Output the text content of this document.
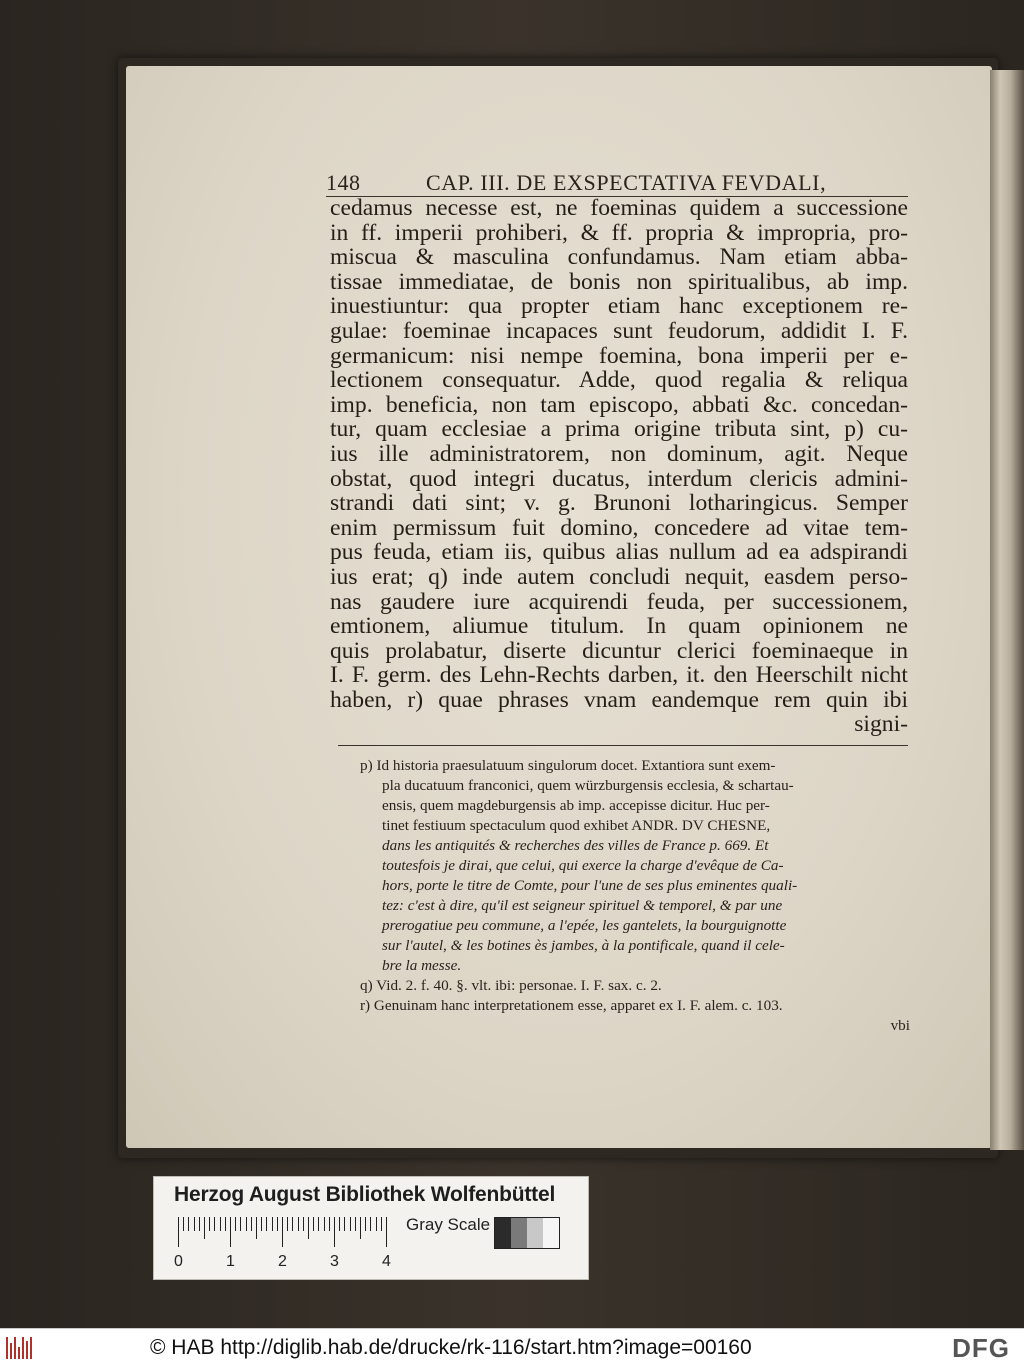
148	CAP. III. DE EXSPECTATIVA FEVDALI,
cedamus necesse est, ne foeminas quidem a successione
in ff. imperii prohiberi, & ff. propria & impropria, pro-
miscua & masculina confundamus. Nam etiam abba-
tissae immediatae, de bonis non spiritualibus, ab imp.
inuestiuntur: qua propter etiam hanc exceptionem re-
gulae: foeminae incapaces sunt feudorum, addidit I. F.
germanicum: nisi nempe foemina, bona imperii per e-
lectionem consequatur. Adde, quod regalia & reliqua
imp. beneficia, non tam episcopo, abbati &c. concedan-
tur, quam ecclesiae a prima origine tributa sint, p) cu-
ius ille administratorem, non dominum, agit. Neque
obstat, quod integri ducatus, interdum clericis admini-
strandi dati sint; v. g. Brunoni lotharingicus. Semper
enim permissum fuit domino, concedere ad vitae tem-
pus feuda, etiam iis, quibus alias nullum ad ea adspirandi
ius erat; q) inde autem concludi nequit, easdem perso-
nas gaudere iure acquirendi feuda, per successionem,
emtionem, aliumue titulum. In quam opinionem ne
quis prolabatur, diserte dicuntur clerici foeminaeque in
I. F. germ. des Lehn-Rechts darben, it. den Heerschilt nicht
haben, r) quae phrases vnam eandemque rem quin ibi
signi-
p) Id historia praesulatuum singulorum docet. Extantiora sunt exem-
pla ducatuum franconici, quem würzburgensis ecclesia, & schartau-
ensis, quem magdeburgensis ab imp. accepisse dicitur. Huc per-
tinet festiuum spectaculum quod exhibet ANDR. DV CHESNE,
dans les antiquités & recherches des villes de France p. 669. Et
toutesfois je dirai, que celui, qui exerce la charge d'evêque de Ca-
hors, porte le titre de Comte, pour l'une de ses plus eminentes quali-
tez: c'est à dire, qu'il est seigneur spirituel & temporel, & par une
prerogatiue peu commune, a l'epée, les gantelets, la bourguignotte
sur l'autel, & les botines ès jambes, à la pontificale, quand il cele-
bre la messe.
q) Vid. 2. f. 40. §. vlt. ibi: personae. I. F. sax. c. 2.
r) Genuinam hanc interpretationem esse, apparet ex I. F. alem. c. 103.
vbi
Herzog August Bibliothek Wolfenbüttel
0	1	2	3	4
Gray Scale
© HAB http://diglib.hab.de/drucke/rk-116/start.htm?image=00160	DFG
